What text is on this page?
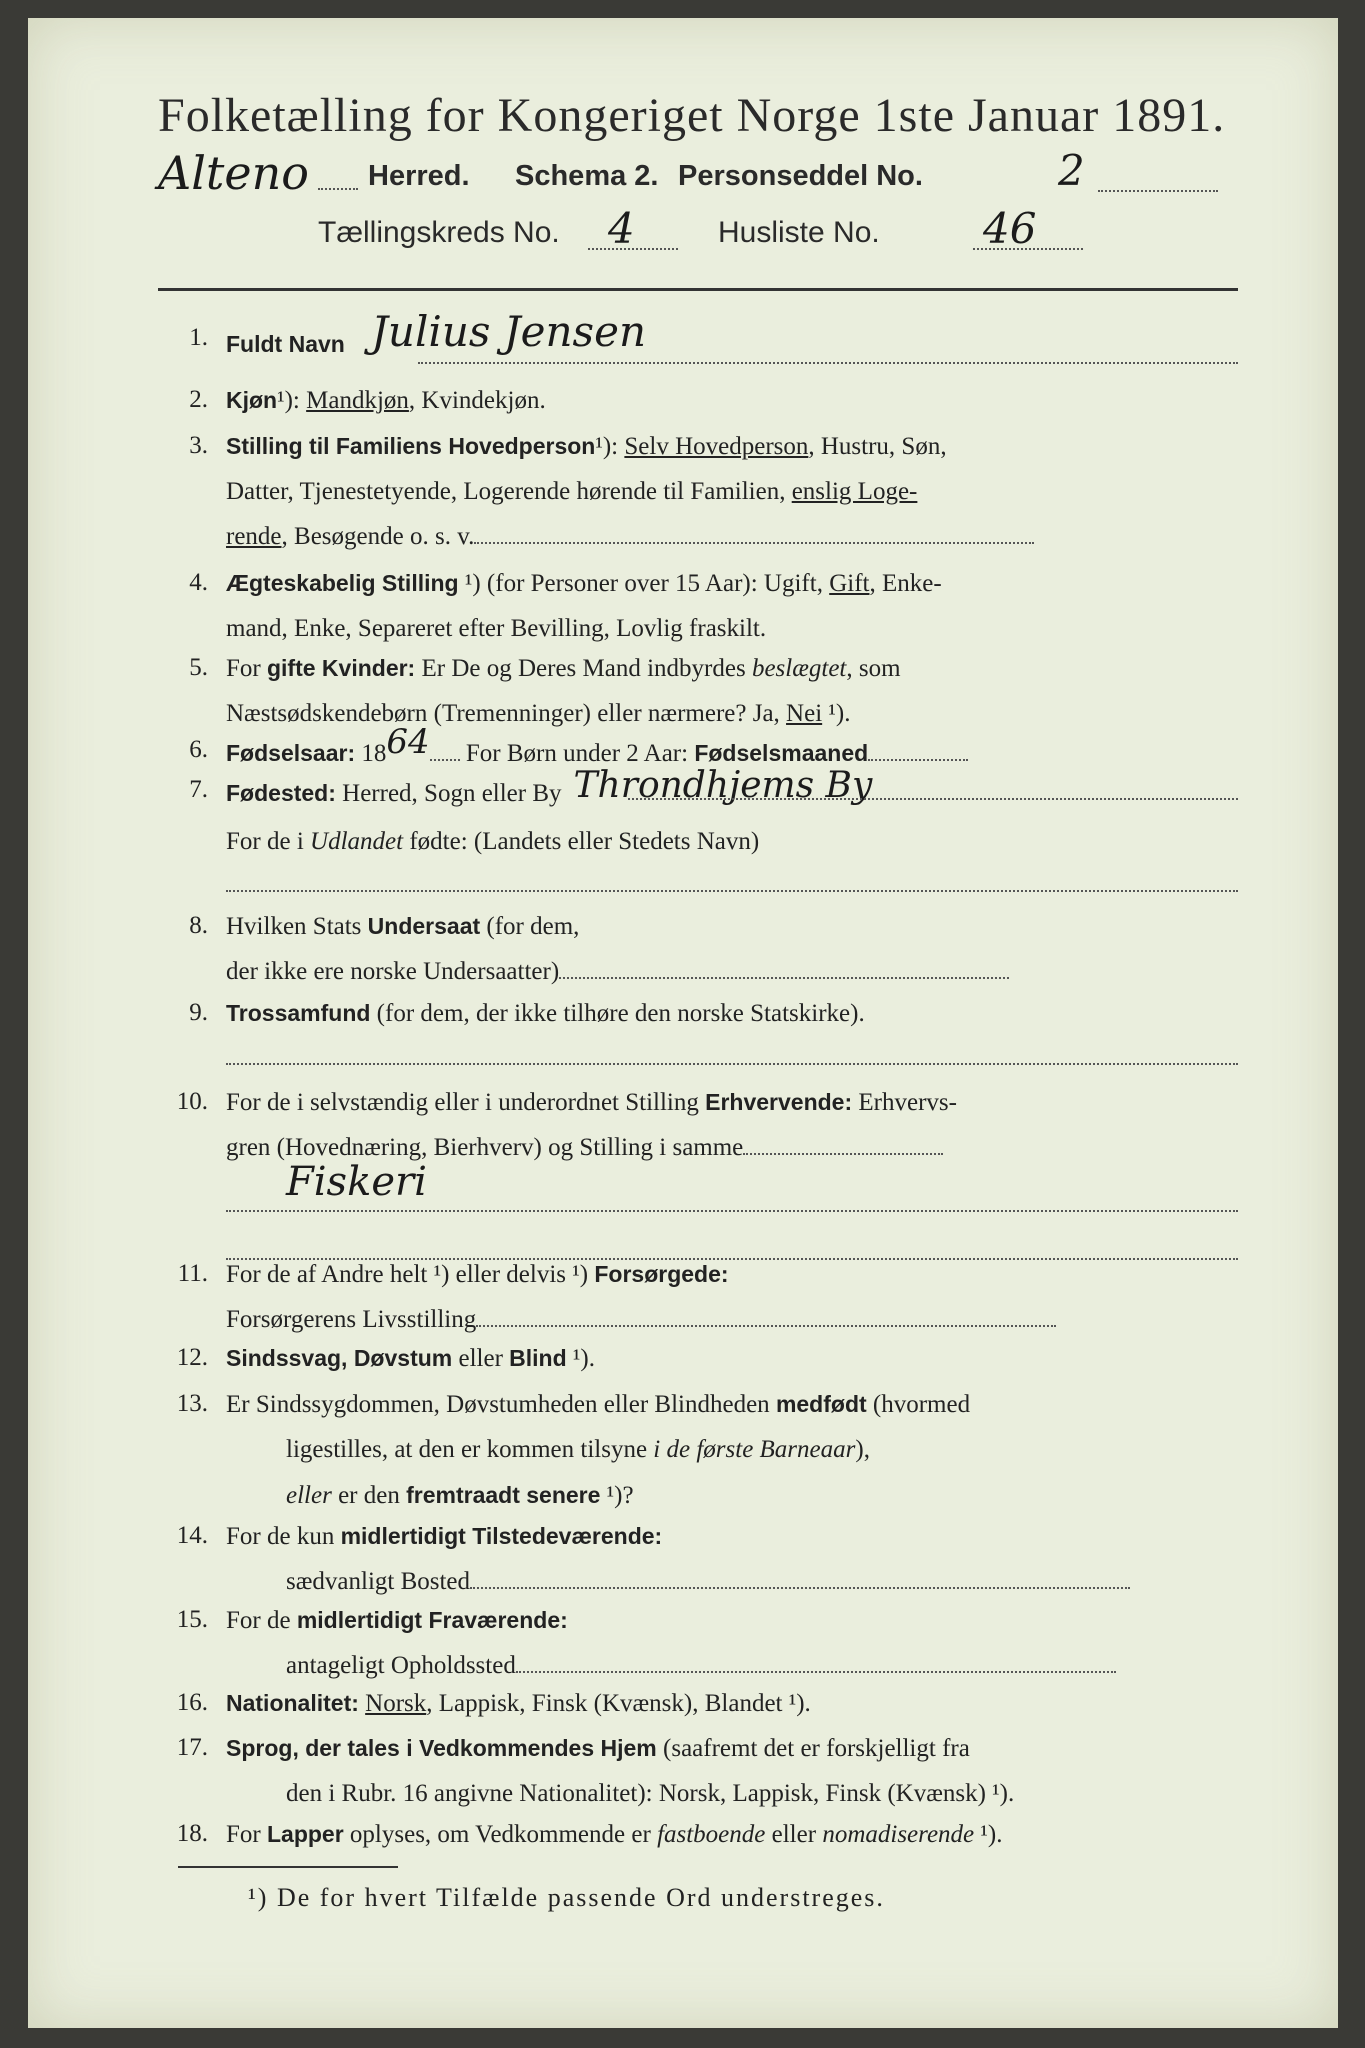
Folketælling for Kongeriget Norge 1ste Januar 1891.
Alteno Herred. Schema 2. Personseddel No.	2
Tællingskreds No. 4	Husliste No. 46
1. Fuldt Navn Julius Jensen
2. Kjøn¹): Mandkjøn, Kvindekjøn.
3. Stilling til Familiens Hovedperson¹): Selv Hovedperson, Hustru, Søn,
Datter, Tjenestetyende, Logerende hørende til Familien, enslig Loge-
rende, Besøgende o. s. v.
4. Ægteskabelig Stilling ¹) (for Personer over 15 Aar): Ugift, Gift, Enke-
mand, Enke, Separeret efter Bevilling, Lovlig fraskilt.
5. For gifte Kvinder: Er De og Deres Mand indbyrdes beslægtet, som
Næstsødskendebørn (Tremenninger) eller nærmere? Ja, Nei ¹).
6. Fødselsaar: 1864 For Børn under 2 Aar: Fødselsmaaned
7. Fødested: Herred, Sogn eller By Throndhjems By
For de i Udlandet fødte: (Landets eller Stedets Navn)
8. Hvilken Stats Undersaat (for dem,
der ikke ere norske Undersaatter)
9. Trossamfund (for dem, der ikke tilhøre den norske Statskirke).
10. For de i selvstændig eller i underordnet Stilling Erhvervende: Erhvervs-
gren (Hovednæring, Bierhverv) og Stilling i samme
Fiskeri
11. For de af Andre helt ¹) eller delvis ¹) Forsørgede:
Forsørgerens Livsstilling
12. Sindssvag, Døvstum eller Blind ¹).
13. Er Sindssygdommen, Døvstumheden eller Blindheden medfødt (hvormed
ligestilles, at den er kommen tilsyne i de første Barneaar),
eller er den fremtraadt senere ¹)?
14. For de kun midlertidigt Tilstedeværende:
sædvanligt Bosted
15. For de midlertidigt Fraværende:
antageligt Opholdssted
16. Nationalitet: Norsk, Lappisk, Finsk (Kvænsk), Blandet ¹).
17. Sprog, der tales i Vedkommendes Hjem (saafremt det er forskjelligt fra
den i Rubr. 16 angivne Nationalitet): Norsk, Lappisk, Finsk (Kvænsk) ¹).
18. For Lapper oplyses, om Vedkommende er fastboende eller nomadiserende ¹).
¹) De for hvert Tilfælde passende Ord understreges.
